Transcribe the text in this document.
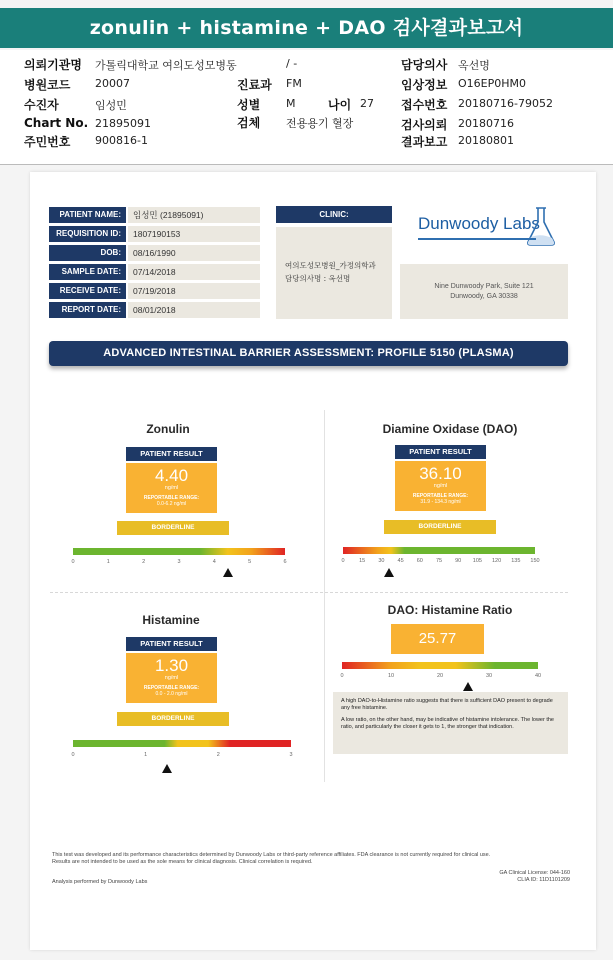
zonulin + histamine + DAO 검사결과보고서
의뢰기관명 가톨릭대학교 여의도성모병동
병원코드 20007
수진자	임성민
Chart No. 21895091
주민번호 900816-1
/ -
진료과 FM
성별 M	나이 27
검체 전용용기 혈장
담당의사 옥선명
임상정보 O16EP0HM0
접수번호 20180716-79052
검사의뢰 20180716
결과보고 20180801
PATIENT NAME:	임성민 (21895091)
REQUISITION ID:	1807190153
DOB:	08/16/1990
SAMPLE DATE:	07/14/2018
RECEIVE DATE:	07/19/2018
REPORT DATE:	08/01/2018
CLINIC:
여의도성모병원_가정의학과
담당의사명 : 옥선명
Dunwoody Labs
Nine Dunwoody Park, Suite 121
Dunwoody, GA 30338
ADVANCED INTESTINAL BARRIER ASSESSMENT: PROFILE 5150 (PLASMA)
Zonulin
PATIENT RESULT
4.40
ng/ml
REPORTABLE RANGE:
0.0-6.2 ng/ml
BORDERLINE
Diamine Oxidase (DAO)
PATIENT RESULT
36.10
ng/ml
REPORTABLE RANGE:
31.9 - 134.3 ng/ml
BORDERLINE
Histamine
PATIENT RESULT
1.30
ng/ml
REPORTABLE RANGE:
0.0 - 2.0 ng/ml
BORDERLINE
DAO: Histamine Ratio
25.77

A high DAO-to-Histamine ratio suggests that there is sufficient DAO present to degrade any free histamine.

A low ratio, on the other hand, may be indicative of histamine intolerance. The lower the ratio, and particularly the closer it gets to 1, the stronger that indication.

This test was developed and its performance characteristics determined by Dunwoody Labs or third-party reference affiliates. FDA clearance is not currently required for clinical use.
Results are not intended to be used as the sole means for clinical diagnosis. Clinical correlation is required.
GA Clinical License: 044-160
CLIA ID: 11D1101209
Analysis performed by Dunwoody Labs
0	1	2	3	4	5	6	0	15 30 45 60 75 90 105 120 135 150
0	1	2	3
0	10	20	30	40
